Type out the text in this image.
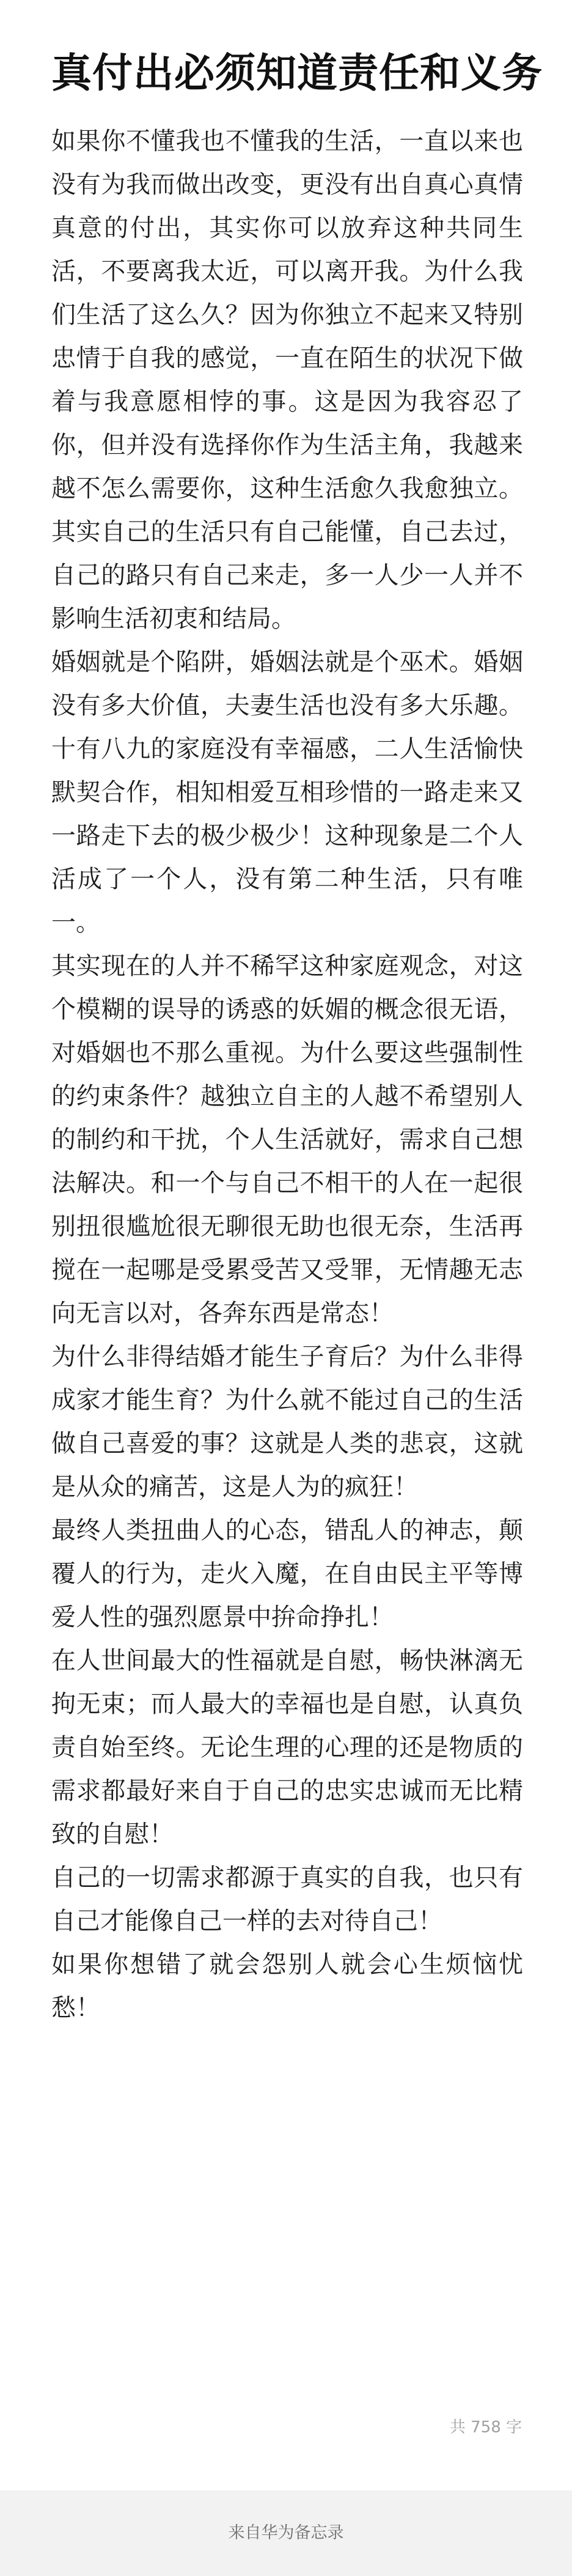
真付出必须知道责任和义务

如果你不懂我也不懂我的生活，一直以来也没有为我而做出改变，更没有出自真心真情真意的付出，其实你可以放弃这种共同生活，不要离我太近，可以离开我。为什么我们生活了这么久？因为你独立不起来又特别忠情于自我的感觉，一直在陌生的状况下做着与我意愿相悖的事。这是因为我容忍了你，但并没有选择你作为生活主角，我越来越不怎么需要你，这种生活愈久我愈独立。其实自己的生活只有自己能懂，自己去过，自己的路只有自己来走，多一人少一人并不影响生活初衷和结局。

婚姻就是个陷阱，婚姻法就是个巫术。婚姻没有多大价值，夫妻生活也没有多大乐趣。十有八九的家庭没有幸福感，二人生活愉快默契合作，相知相爱互相珍惜的一路走来又一路走下去的极少极少！这种现象是二个人活成了一个人，没有第二种生活，只有唯一。

其实现在的人并不稀罕这种家庭观念，对这个模糊的误导的诱惑的妖媚的概念很无语，对婚姻也不那么重视。为什么要这些强制性的约束条件？越独立自主的人越不希望别人的制约和干扰，个人生活就好，需求自己想法解决。和一个与自己不相干的人在一起很别扭很尴尬很无聊很无助也很无奈，生活再搅在一起哪是受累受苦又受罪，无情趣无志向无言以对，各奔东西是常态！

为什么非得结婚才能生子育后？为什么非得成家才能生育？为什么就不能过自己的生活做自己喜爱的事？这就是人类的悲哀，这就是从众的痛苦，这是人为的疯狂！

最终人类扭曲人的心态，错乱人的神志，颠覆人的行为，走火入魔，在自由民主平等博爱人性的强烈愿景中拚命挣扎！

在人世间最大的性福就是自慰，畅快淋漓无拘无束；而人最大的幸福也是自慰，认真负责自始至终。无论生理的心理的还是物质的需求都最好来自于自己的忠实忠诚而无比精致的自慰！

自己的一切需求都源于真实的自我，也只有自己才能像自己一样的去对待自己！

如果你想错了就会怨别人就会心生烦恼忧愁！

共 758 字
来自华为备忘录
